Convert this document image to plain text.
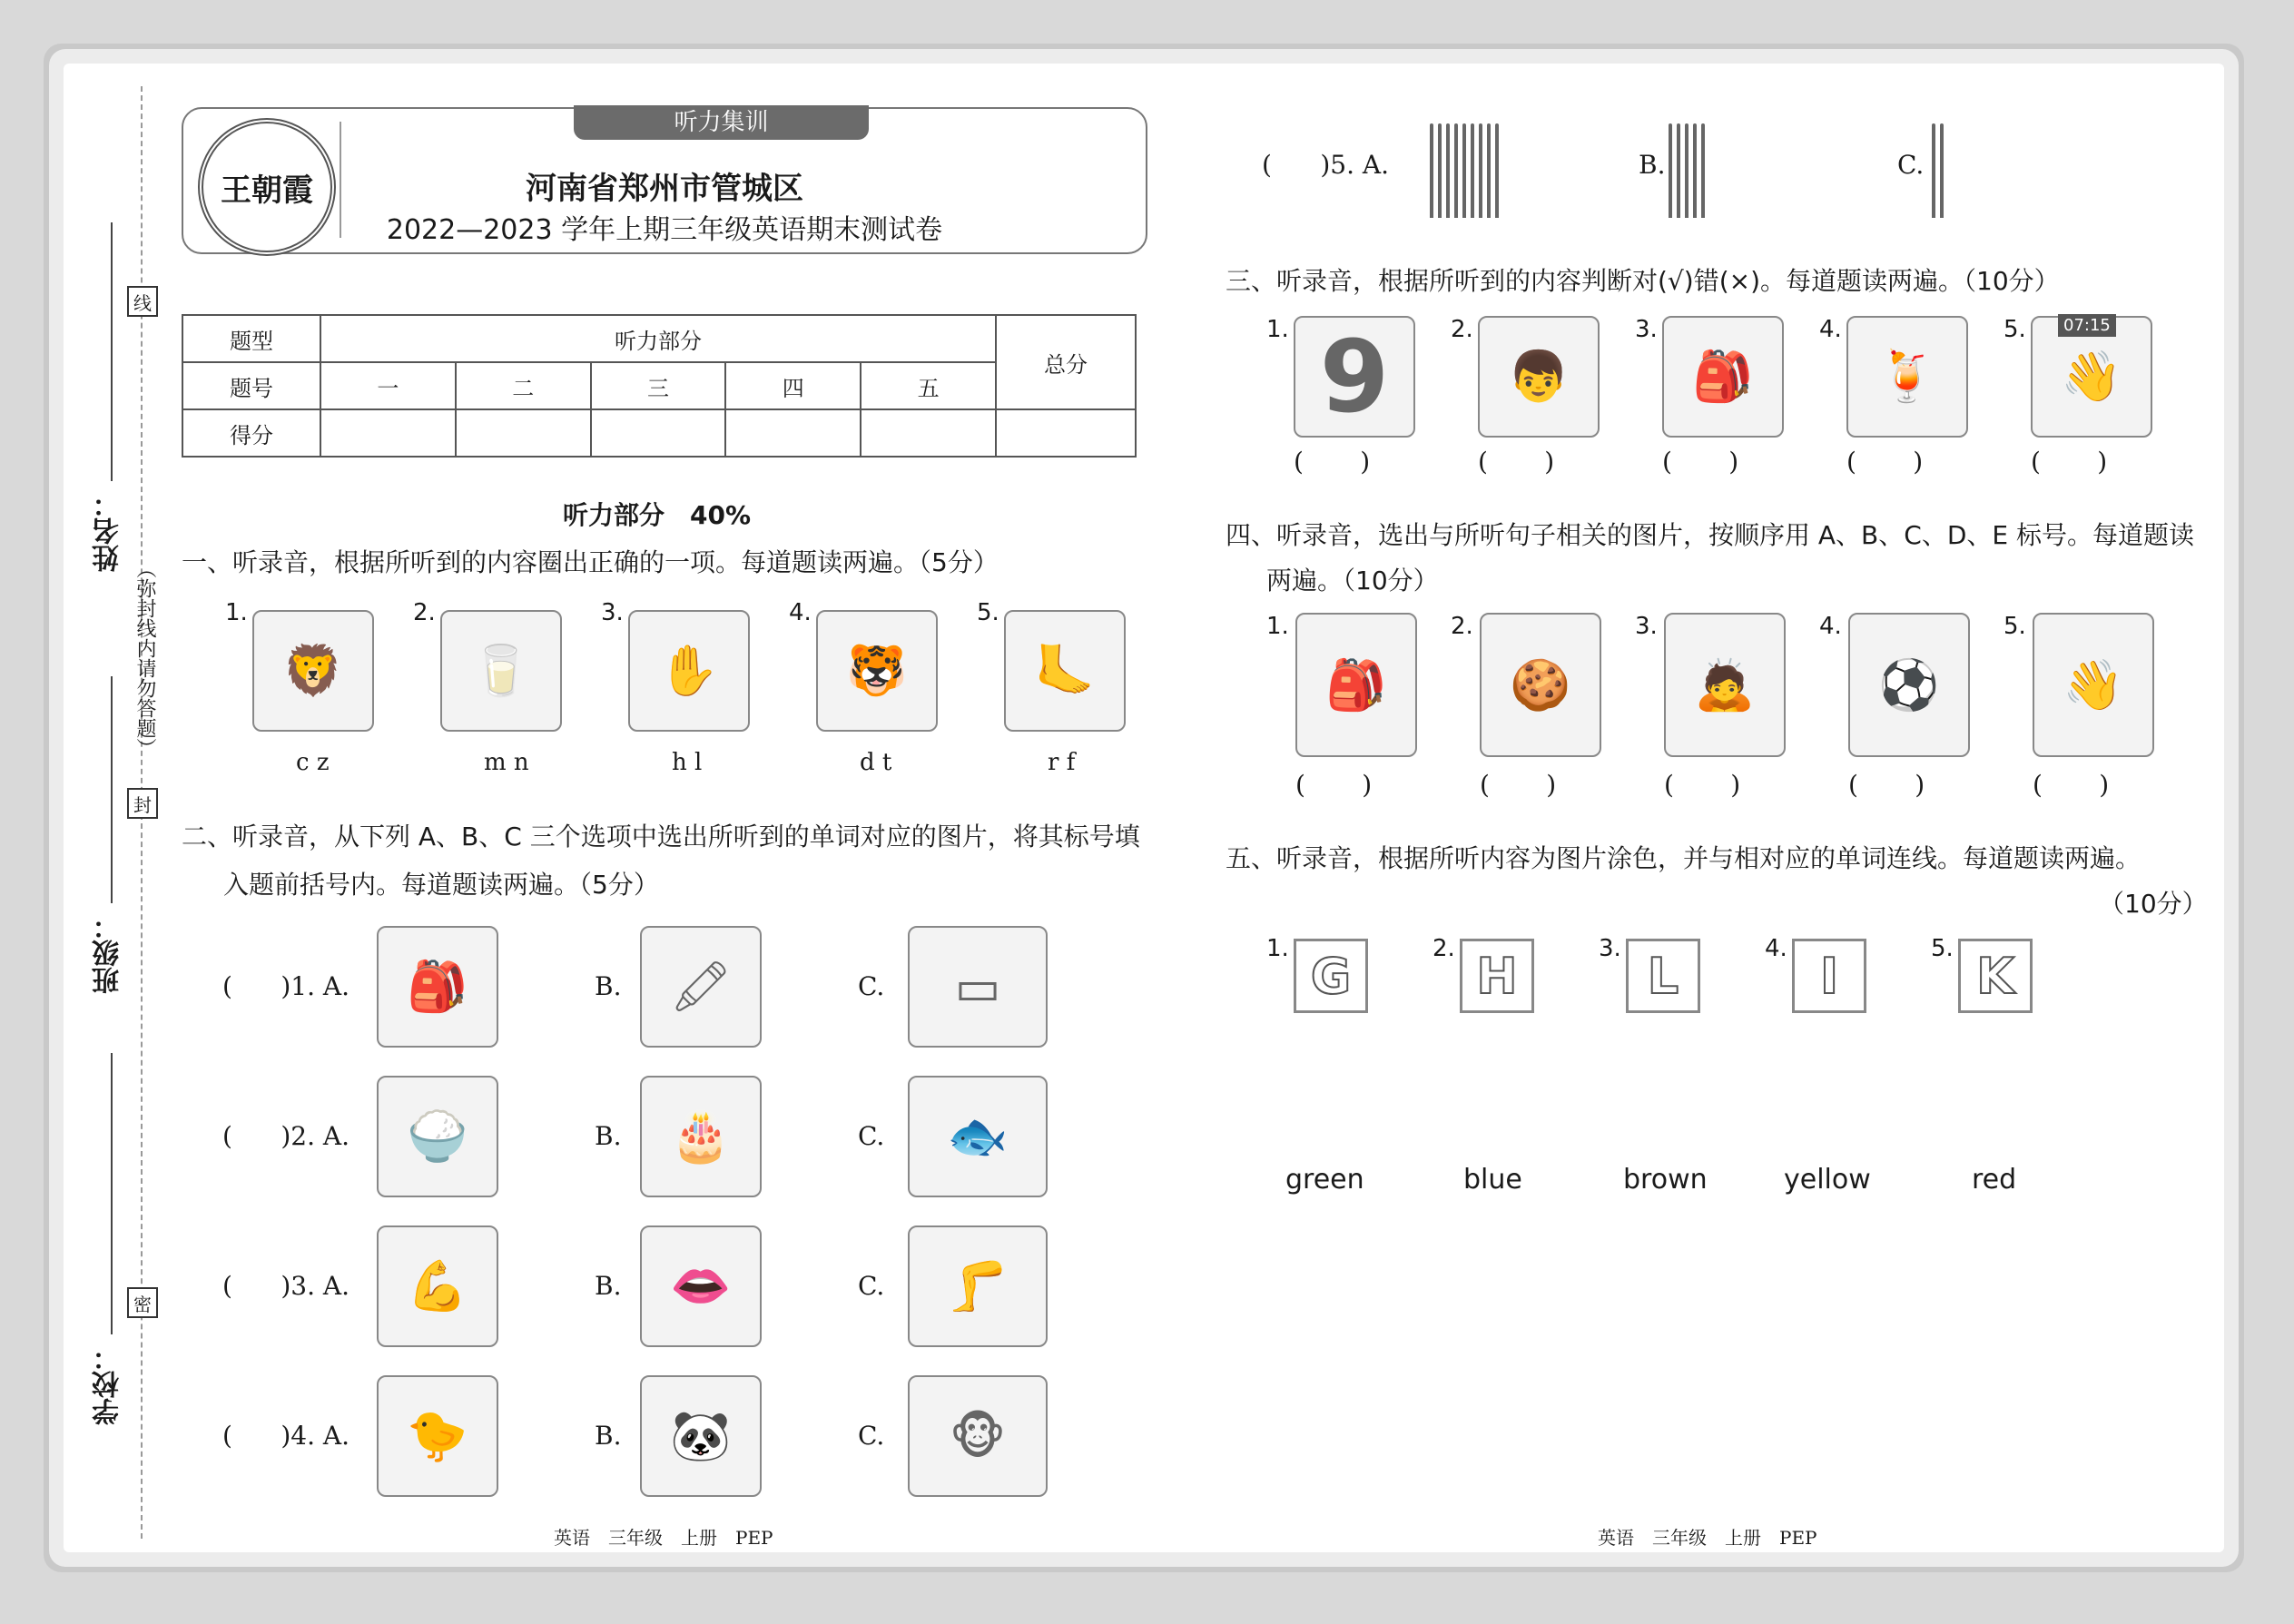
姓名：
班级：
学校：
线
封
密
（弥封线内请勿答题）
听力集训
王朝霞	河南省郑州市管城区
2022—2023 学年上期三年级英语期末测试卷
题型	听力部分					总分
题号	一	二	三	四	五	
得分						
听力部分　40%
一、听录音，根据所听到的内容圈出正确的一项。每道题读两遍。（5分）
1.
🦁
c z
2.
🥛
m n
3.
✋
h l
4.
🐯
d t
5.
🦶
r f
二、听录音，从下列 A、B、C 三个选项中选出所听到的单词对应的图片，将其标号填
入题前括号内。每道题读两遍。（5分）
(      )1. A.	🎒	B. 🖍	C.	▭
(      )2. A.	🍚	B. 🎂	C.	🐟
(      )3. A.	💪	B. 👄	C.	🦵
(      )4. A.	🐤	B. 🐼	C.	🐵
(      )5. A.	B.	C.
三、听录音，根据所听到的内容判断对(√)错(×)。每道题读两遍。（10分）
1. 9
(       )
2.
👦
(       )
3.
🎒
(       )
4.
🍹
(       )
5.
👋
07:15
(       )
四、听录音，选出与所听句子相关的图片，按顺序用 A、B、C、D、E 标号。每道题读
两遍。（10分）
1.
🎒
(       )
2.
🍪
(       )
3.
🙇
(       )
4.
⚽
(       )
5.
👋
(       )
五、听录音，根据所听内容为图片涂色，并与相对应的单词连线。每道题读两遍。
（10分）
1. G	2. H	3. L	4. I	5. K
green	blue	brown	yellow	red
英语　三年级　上册　PEP	英语　三年级　上册　PEP
